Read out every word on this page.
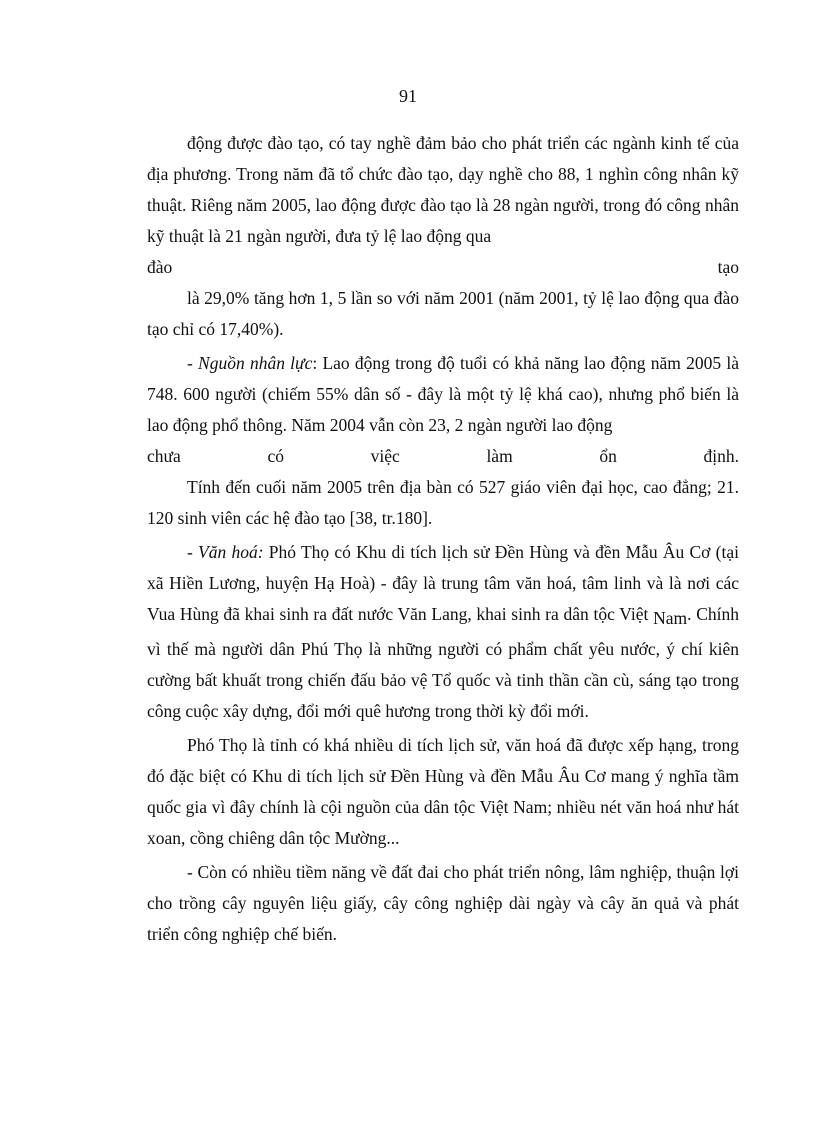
91

động được đào tạo, có tay nghề đảm bảo cho phát triển các ngành kinh tế của địa phương. Trong năm đã tổ chức đào tạo, dạy nghề cho 88, 1 nghìn công nhân kỹ thuật. Riêng năm 2005, lao động được đào tạo là 28 ngàn người, trong đó công nhân kỹ thuật là 21 ngàn người, đưa tỷ lệ lao động qua

đào	tạo

là 29,0% tăng hơn 1, 5 lần so với năm 2001 (năm 2001, tỷ lệ lao động qua đào tạo chỉ có 17,40%).

- Nguồn nhân lực: Lao động trong độ tuổi có khả năng lao động năm 2005 là 748. 600 người (chiếm 55% dân số - đây là một tỷ lệ khá cao), nhưng phổ biến là lao động phổ thông. Năm 2004 vẫn còn 23, 2 ngàn người lao động

chưa	có	việc	làm	ổn	định.

Tính đến cuối năm 2005 trên địa bàn có 527 giáo viên đại học, cao đẳng; 21. 120 sinh viên các hệ đào tạo [38, tr.180].

- Văn hoá: Phó Thọ có Khu di tích lịch sử Đền Hùng và đền Mẫu Âu Cơ (tại xã Hiền Lương, huyện Hạ Hoà) - đây là trung tâm văn hoá, tâm linh và là nơi các Vua Hùng đã khai sinh ra đất nước Văn Lang, khai sinh ra dân tộc Việt Nam. Chính vì thế mà người dân Phú Thọ là những người có phẩm chất yêu nước, ý chí kiên cường bất khuất trong chiến đấu bảo vệ Tổ quốc và tinh thần cần cù, sáng tạo trong công cuộc xây dựng, đổi mới quê hương trong thời kỳ đổi mới.

Phó Thọ là tỉnh có khá nhiều di tích lịch sử, văn hoá đã được xếp hạng, trong đó đặc biệt có Khu di tích lịch sử Đền Hùng và đền Mẫu Âu Cơ mang ý nghĩa tầm quốc gia vì đây chính là cội nguồn của dân tộc Việt Nam; nhiều nét văn hoá như hát xoan, cồng chiêng dân tộc Mường...

- Còn có nhiều tiềm năng về đất đai cho phát triển nông, lâm nghiệp, thuận lợi cho trồng cây nguyên liệu giấy, cây công nghiệp dài ngày và cây ăn quả và phát triển công nghiệp chế biến.
